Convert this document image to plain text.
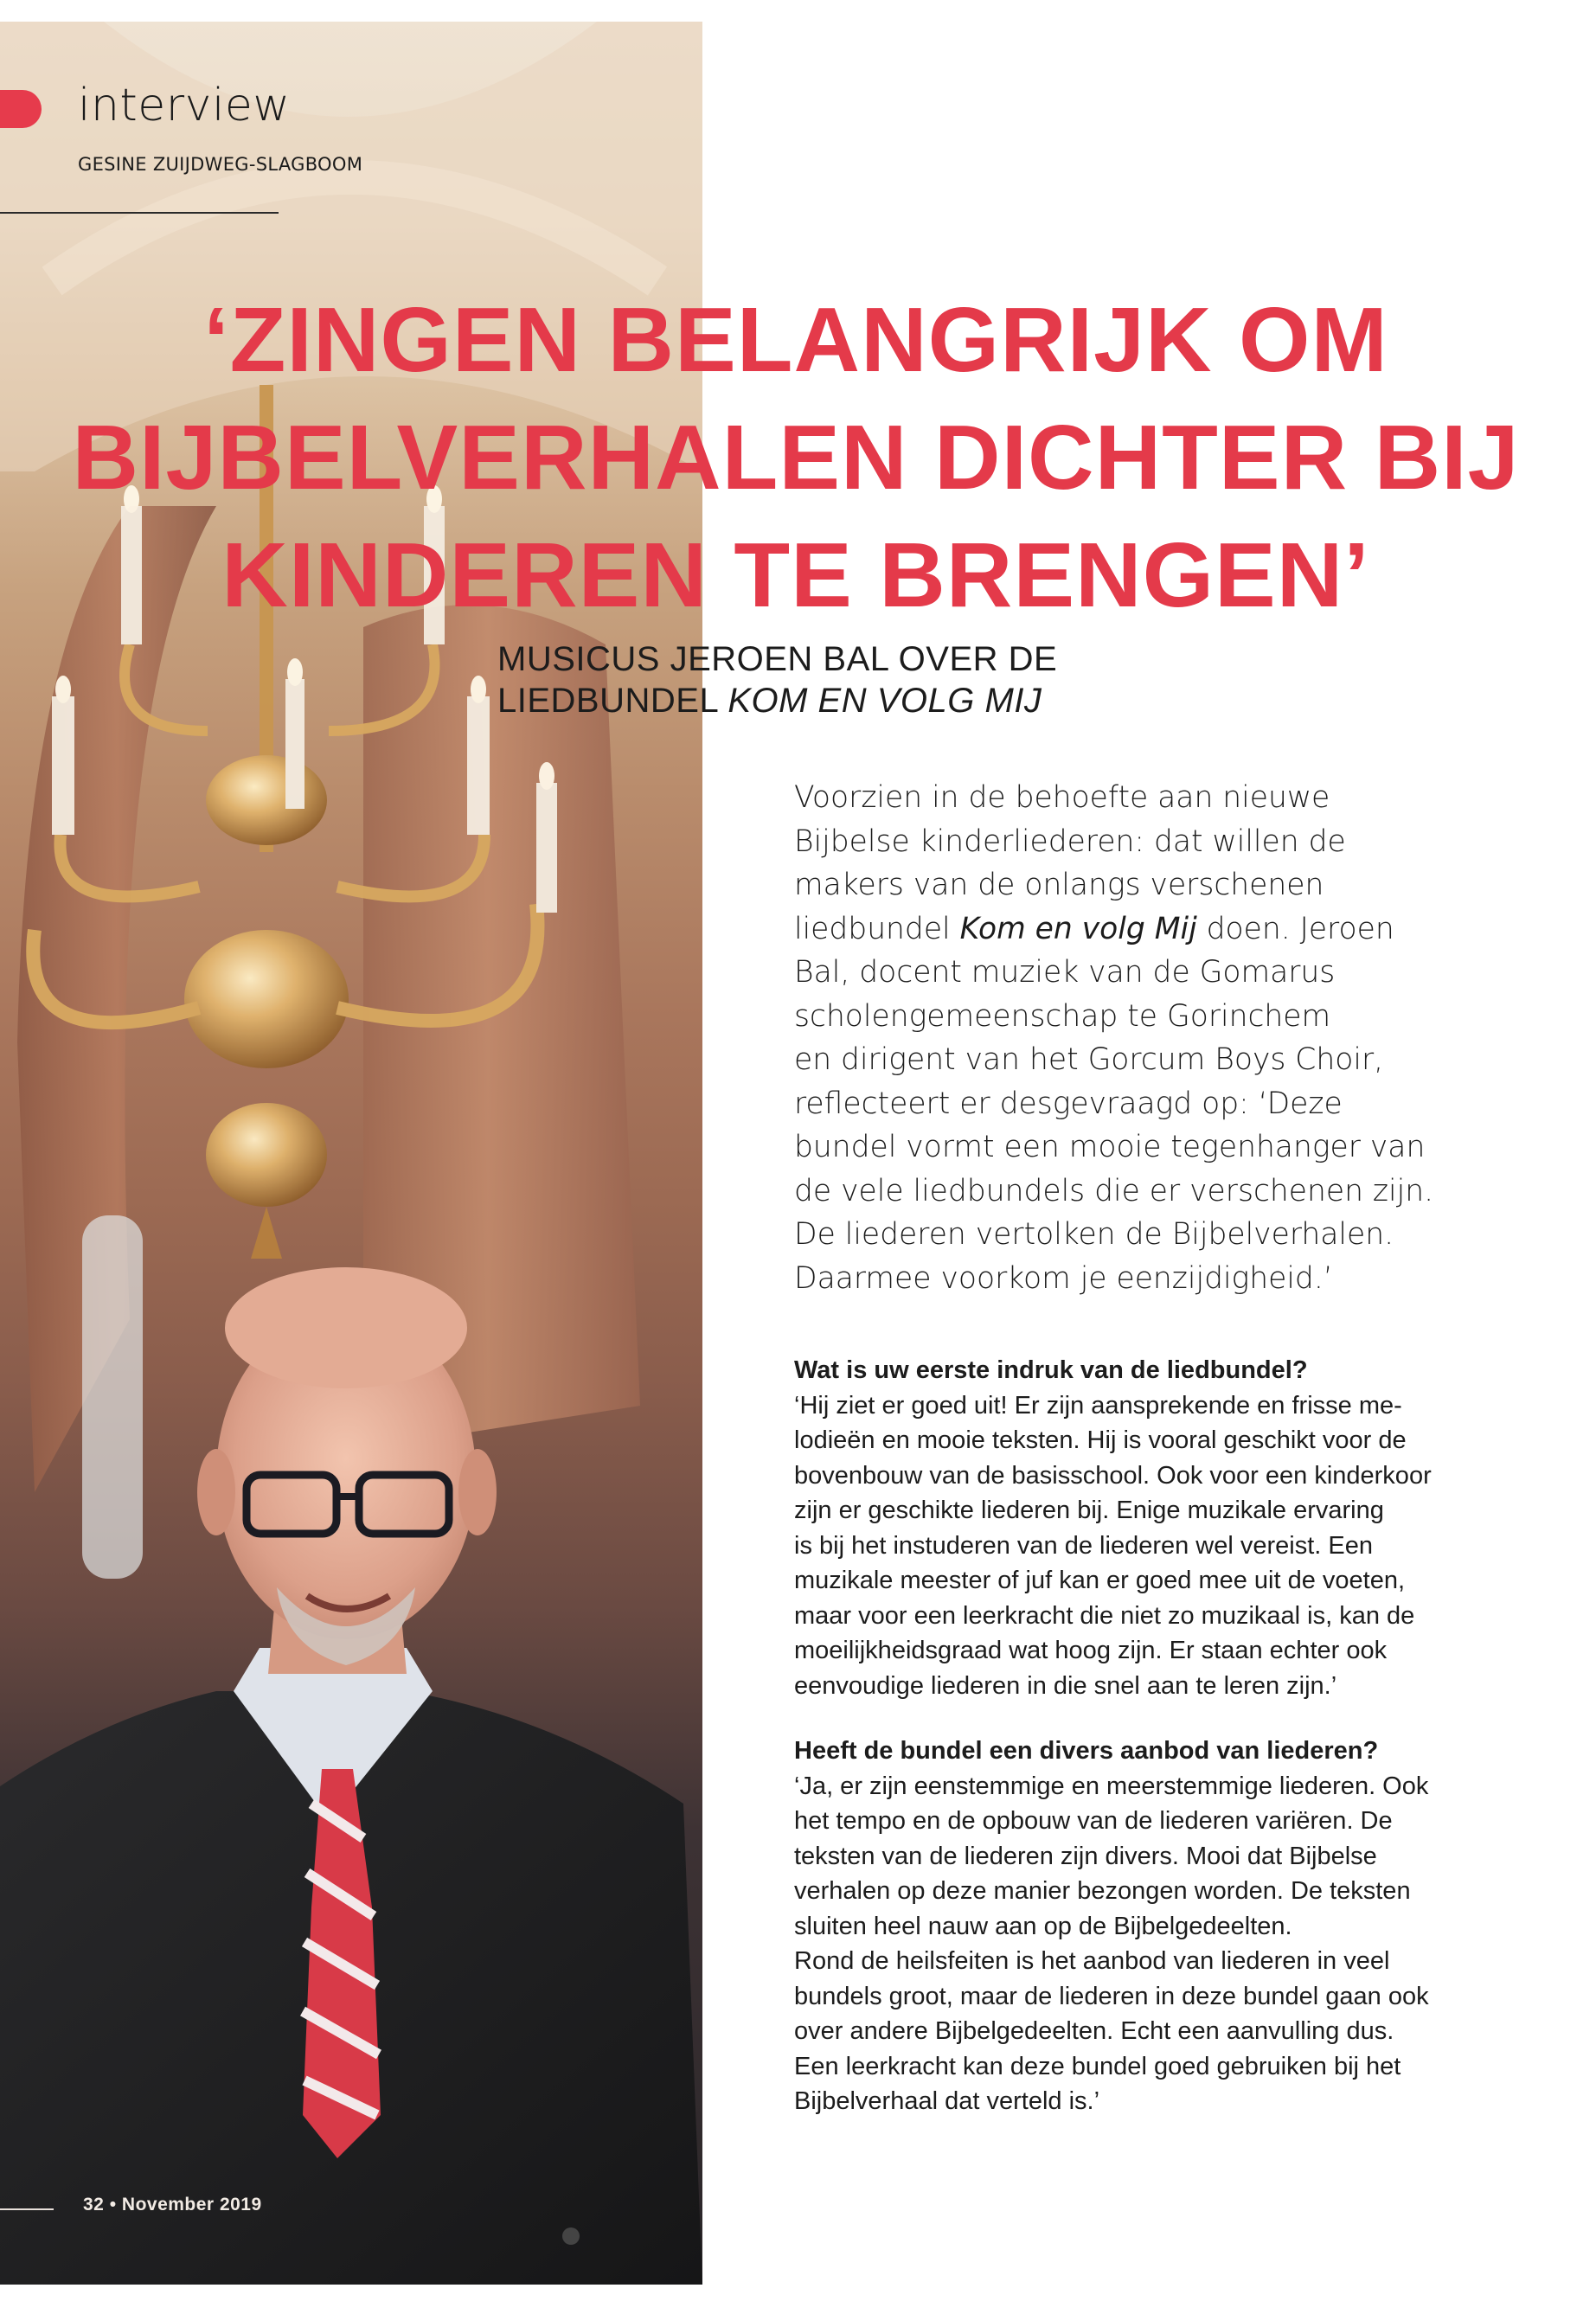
interview
GESINE ZUIJDWEG-SLAGBOOM
‘ZINGEN BELANGRIJK OM
BIJBELVERHALEN DICHTER BIJ
KINDEREN TE BRENGEN’
MUSICUS JEROEN BAL OVER DE
LIEDBUNDEL KOM EN VOLG MIJ

Voorzien in de behoefte aan nieuwe

Bijbelse kinderliederen: dat willen de

makers van de onlangs verschenen

liedbundel Kom en volg Mij doen. Jeroen

Bal, docent muziek van de Gomarus

scholengemeenschap te Gorinchem

en dirigent van het Gorcum Boys Choir,

reflecteert er desgevraagd op: ‘Deze

bundel vormt een mooie tegenhanger van

de vele liedbundels die er verschenen zijn.

De liederen vertolken de Bijbelverhalen.

Daarmee voorkom je eenzijdigheid.’

Wat is uw eerste indruk van de liedbundel?

‘Hij ziet er goed uit! Er zijn aansprekende en frisse me-

lodieën en mooie teksten. Hij is vooral geschikt voor de

bovenbouw van de basisschool. Ook voor een kinderkoor

zijn er geschikte liederen bij. Enige muzikale ervaring

is bij het instuderen van de liederen wel vereist. Een

muzikale meester of juf kan er goed mee uit de voeten,

maar voor een leerkracht die niet zo muzikaal is, kan de

moeilijkheidsgraad wat hoog zijn. Er staan echter ook

eenvoudige liederen in die snel aan te leren zijn.’

Heeft de bundel een divers aanbod van liederen?

‘Ja, er zijn eenstemmige en meerstemmige liederen. Ook

het tempo en de opbouw van de liederen variëren. De

teksten van de liederen zijn divers. Mooi dat Bijbelse

verhalen op deze manier bezongen worden. De teksten

sluiten heel nauw aan op de Bijbelgedeelten.

Rond de heilsfeiten is het aanbod van liederen in veel

bundels groot, maar de liederen in deze bundel gaan ook

over andere Bijbelgedeelten. Echt een aanvulling dus.

Een leerkracht kan deze bundel goed gebruiken bij het

Bijbelverhaal dat verteld is.’

32 • November 2019
